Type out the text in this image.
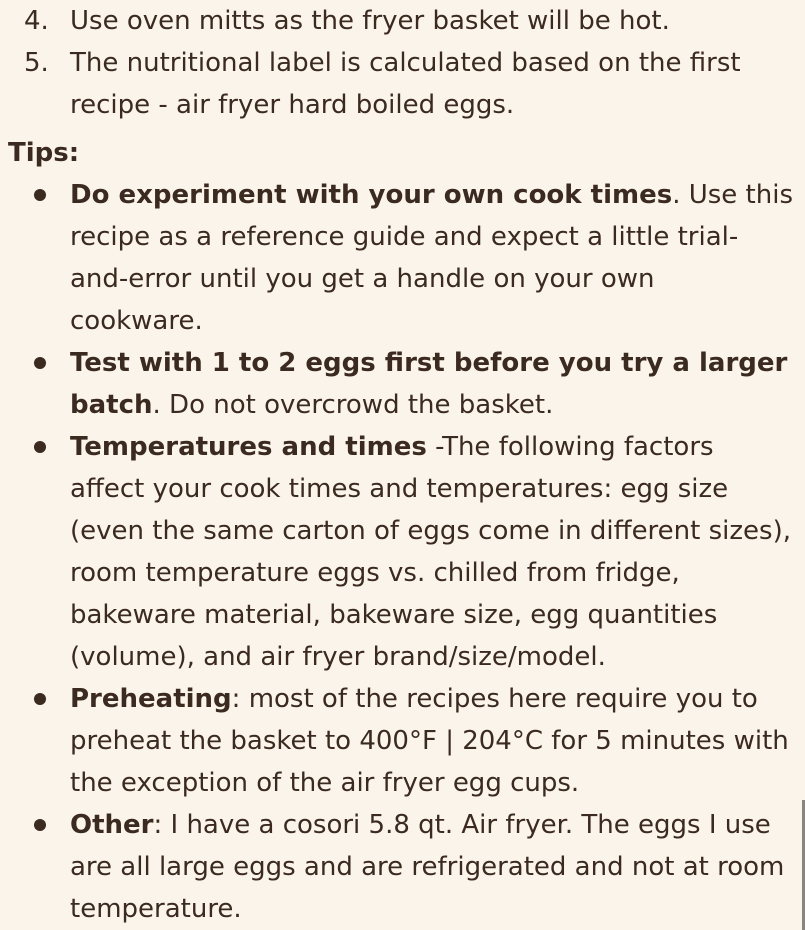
4. Use oven mitts as the fryer basket will be hot.
5. The nutritional label is calculated based on the first recipe - air fryer hard boiled eggs.
Tips:
Do experiment with your own cook times. Use this recipe as a reference guide and expect a little trial-and-error until you get a handle on your own cookware.
Test with 1 to 2 eggs first before you try a larger batch. Do not overcrowd the basket.
Temperatures and times -The following factors affect your cook times and temperatures: egg size (even the same carton of eggs come in different sizes), room temperature eggs vs. chilled from fridge, bakeware material, bakeware size, egg quantities (volume), and air fryer brand/size/model.
Preheating: most of the recipes here require you to preheat the basket to 400°F | 204°C for 5 minutes with the exception of the air fryer egg cups.
Other: I have a cosori 5.8 qt. Air fryer. The eggs I use are all large eggs and are refrigerated and not at room temperature.
